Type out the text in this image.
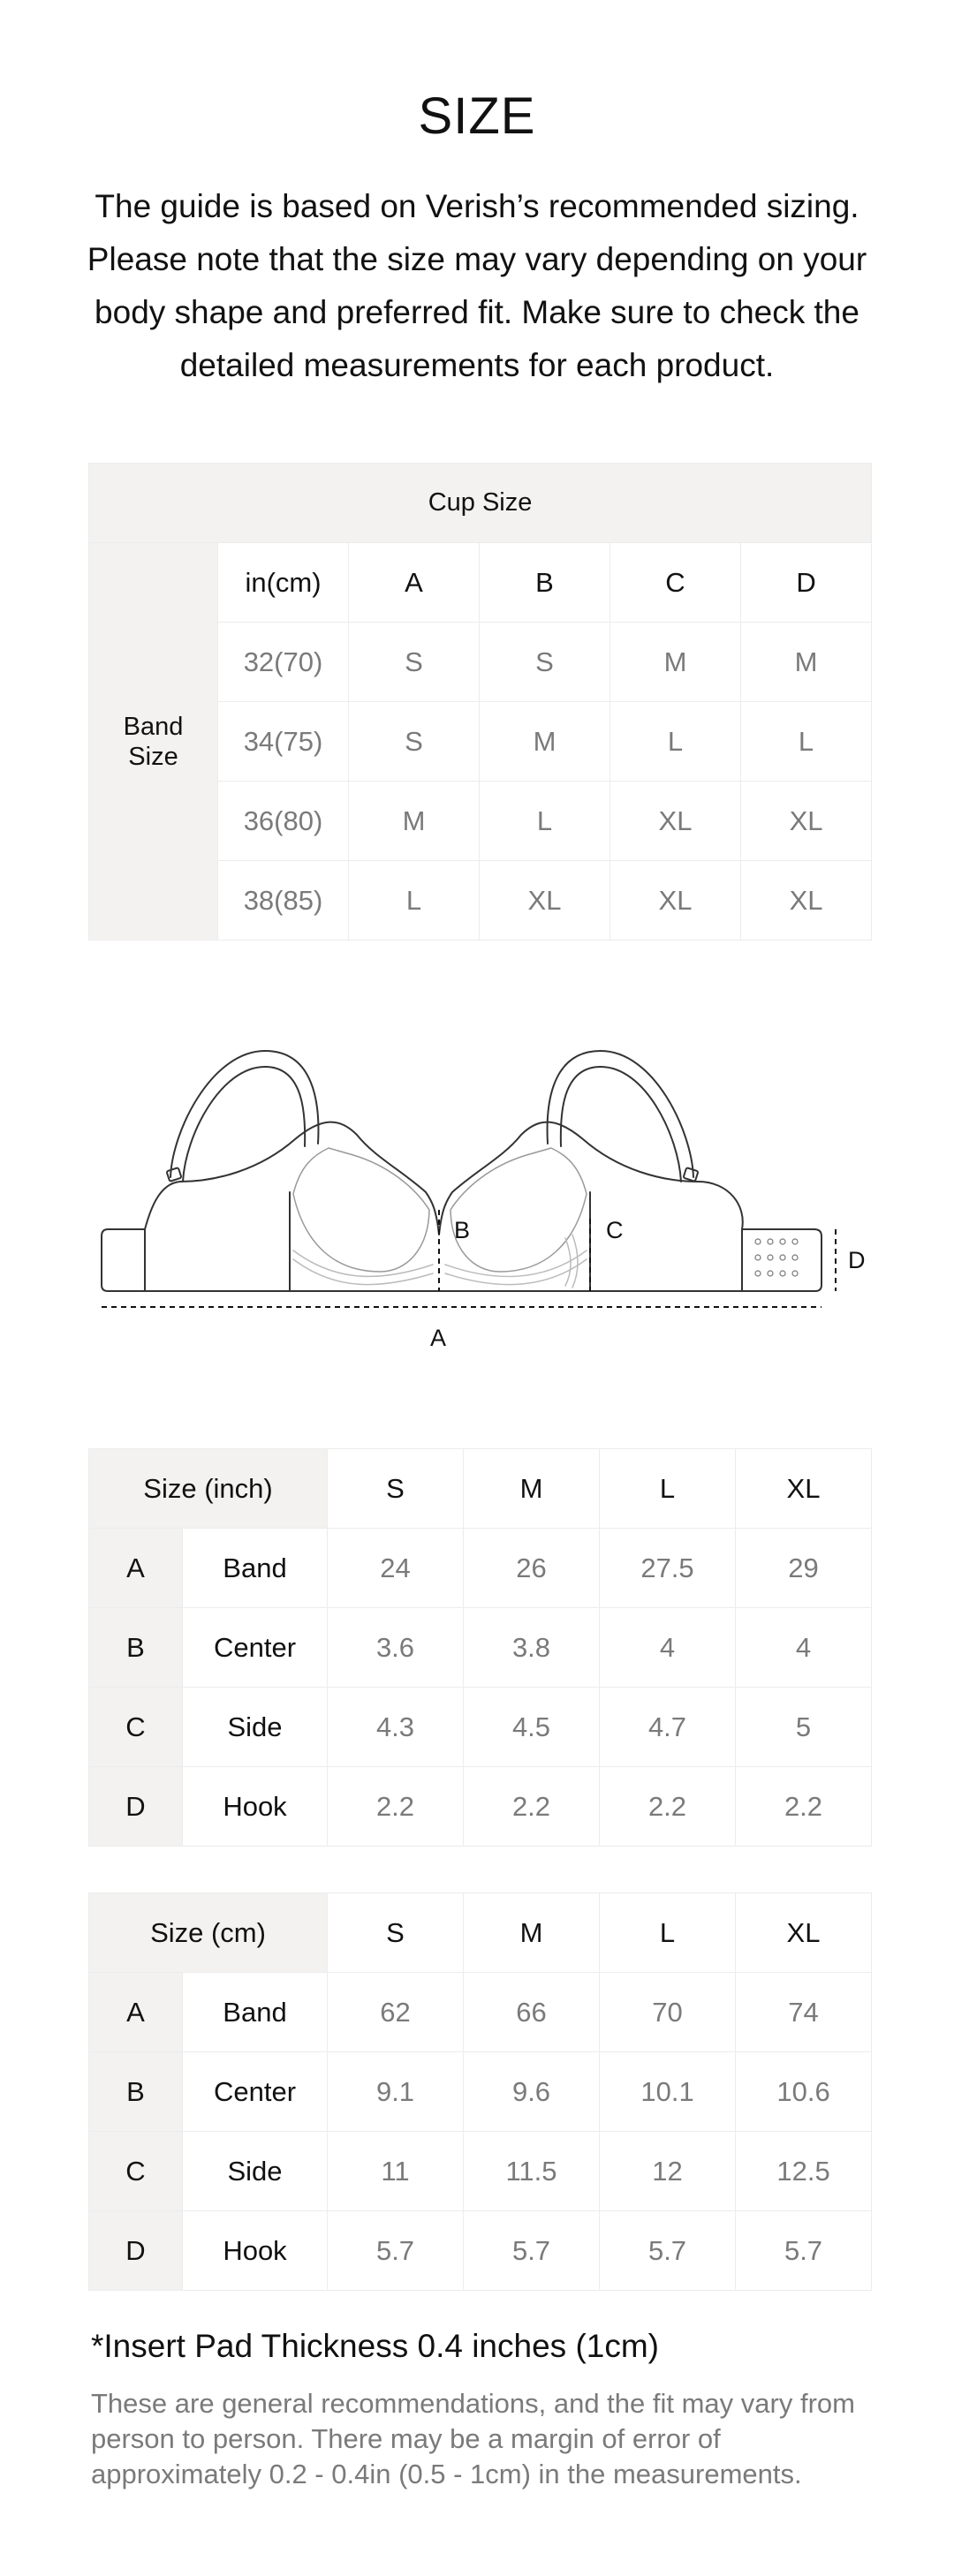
SIZE
The guide is based on Verish’s recommended sizing. Please note that the size may vary depending on your body shape and preferred fit. Make sure to check the detailed measurements for each product.
Cup Size					
Band Size	in(cm)	A	B	C	D
	32(70)	S	S	M	M
	34(75)	S	M	L	L
	36(80)	M	L	XL	XL
	38(85)	L	XL	XL	XL
B	C
D
A
Size (inch)		S	M	L	XL
A	Band	24	26	27.5	29
B	Center	3.6	3.8	4	4
C	Side	4.3	4.5	4.7	5
D	Hook	2.2	2.2	2.2	2.2
Size (cm)		S	M	L	XL
A	Band	62	66	70	74
B	Center	9.1	9.6	10.1	10.6
C	Side	11	11.5	12	12.5
D	Hook	5.7	5.7	5.7	5.7
*Insert Pad Thickness 0.4 inches (1cm)
These are general recommendations, and the fit may vary from person to person. There may be a margin of error of approximately 0.2 - 0.4in (0.5 - 1cm) in the measurements.
